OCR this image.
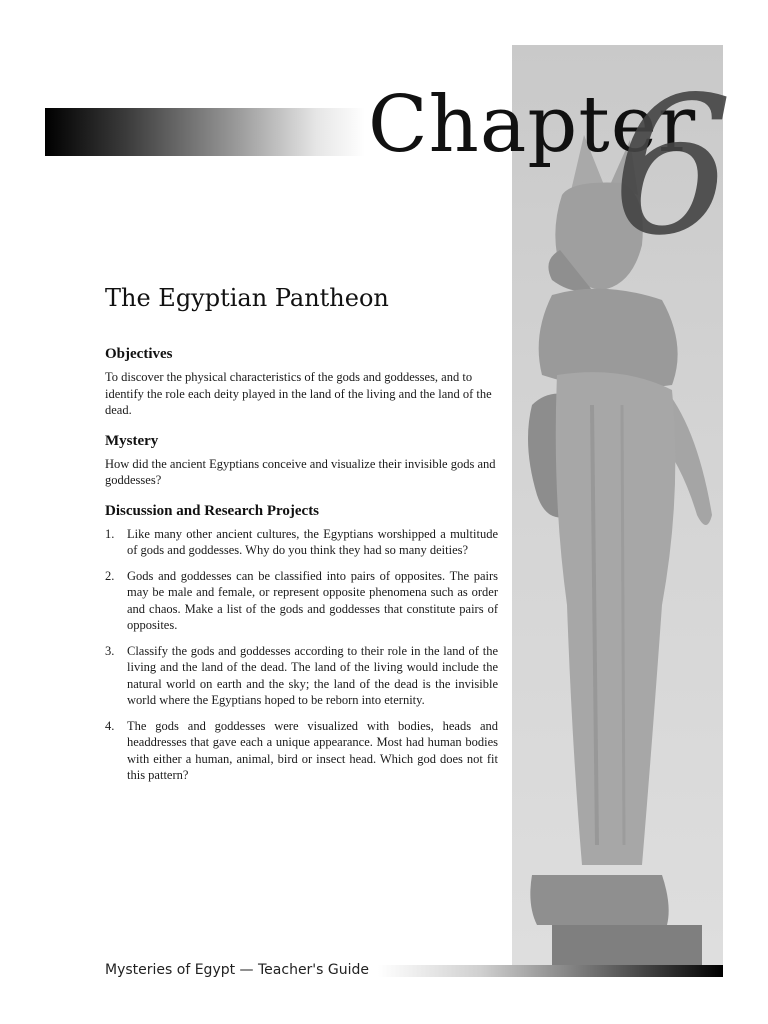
Chapter
6
The Egyptian Pantheon
Objectives

To discover the physical characteristics of the gods and goddesses, and to identify the role each deity played in the land of the living and the land of the dead.

Mystery

How did the ancient Egyptians conceive and visualize their invisible gods and goddesses?

Discussion and Research Projects
1. Like many other ancient cultures, the Egyptians worshipped a multitude of gods and goddesses. Why do you think they had so many deities?
2. Gods and goddesses can be classified into pairs of opposites. The pairs may be male and female, or represent opposite phenomena such as order and chaos. Make a list of the gods and goddesses that constitute pairs of opposites.
3. Classify the gods and goddesses according to their role in the land of the living and the land of the dead. The land of the living would include the natural world on earth and the sky; the land of the dead is the invisible world where the Egyptians hoped to be reborn into eternity.
4. The gods and goddesses were visualized with bodies, heads and headdresses that gave each a unique appearance. Most had human bodies with either a human, animal, bird or insect head. Which god does not fit this pattern?
Mysteries of Egypt — Teacher's Guide
